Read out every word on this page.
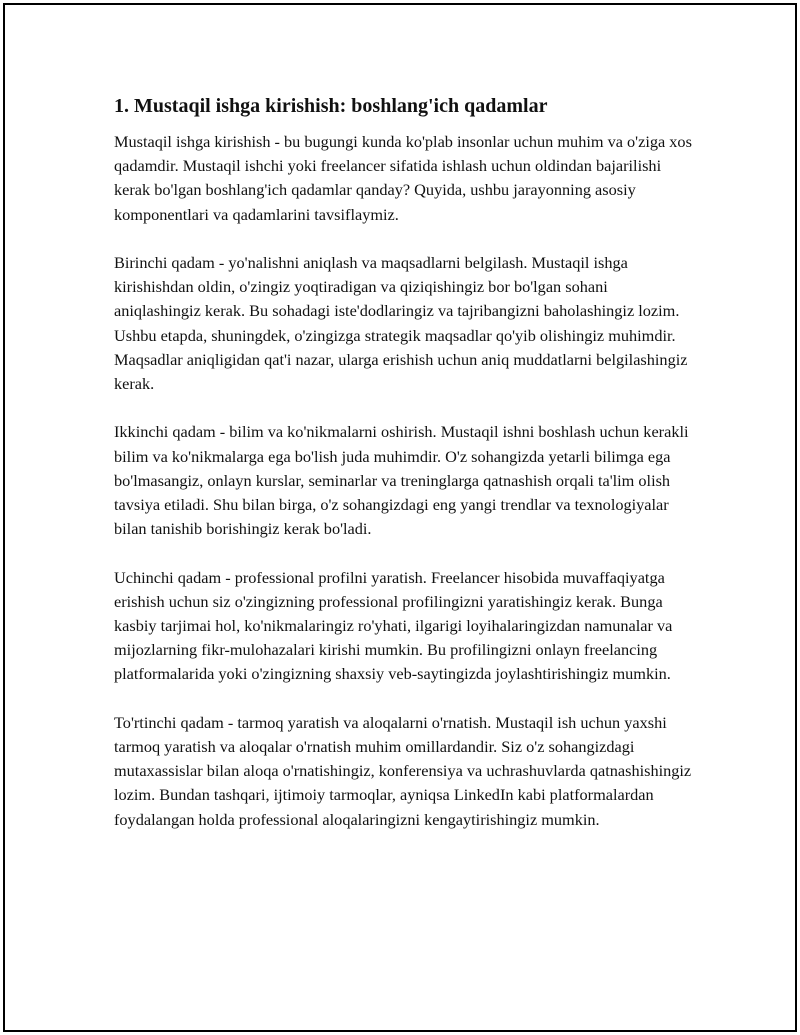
1. Mustaqil ishga kirishish: boshlang'ich qadamlar

Mustaqil ishga kirishish - bu bugungi kunda ko'plab insonlar uchun muhim va o'ziga xos qadamdir. Mustaqil ishchi yoki freelancer sifatida ishlash uchun oldindan bajarilishi kerak bo'lgan boshlang'ich qadamlar qanday? Quyida, ushbu jarayonning asosiy komponentlari va qadamlarini tavsiflaymiz.

Birinchi qadam - yo'nalishni aniqlash va maqsadlarni belgilash. Mustaqil ishga kirishishdan oldin, o'zingiz yoqtiradigan va qiziqishingiz bor bo'lgan sohani aniqlashingiz kerak. Bu sohadagi iste'dodlaringiz va tajribangizni baholashingiz lozim. Ushbu etapda, shuningdek, o'zingizga strategik maqsadlar qo'yib olishingiz muhimdir. Maqsadlar aniqligidan qat'i nazar, ularga erishish uchun aniq muddatlarni belgilashingiz kerak.

Ikkinchi qadam - bilim va ko'nikmalarni oshirish. Mustaqil ishni boshlash uchun kerakli bilim va ko'nikmalarga ega bo'lish juda muhimdir. O'z sohangizda yetarli bilimga ega bo'lmasangiz, onlayn kurslar, seminarlar va treninglarga qatnashish orqali ta'lim olish tavsiya etiladi. Shu bilan birga, o'z sohangizdagi eng yangi trendlar va texnologiyalar bilan tanishib borishingiz kerak bo'ladi.

Uchinchi qadam - professional profilni yaratish. Freelancer hisobida muvaffaqiyatga erishish uchun siz o'zingizning professional profilingizni yaratishingiz kerak. Bunga kasbiy tarjimai hol, ko'nikmalaringiz ro'yhati, ilgarigi loyihalaringizdan namunalar va mijozlarning fikr-mulohazalari kirishi mumkin. Bu profilingizni onlayn freelancing platformalarida yoki o'zingizning shaxsiy veb-saytingizda joylashtirishingiz mumkin.

To'rtinchi qadam - tarmoq yaratish va aloqalarni o'rnatish. Mustaqil ish uchun yaxshi tarmoq yaratish va aloqalar o'rnatish muhim omillardandir. Siz o'z sohangizdagi mutaxassislar bilan aloqa o'rnatishingiz, konferensiya va uchrashuvlarda qatnashishingiz lozim. Bundan tashqari, ijtimoiy tarmoqlar, ayniqsa LinkedIn kabi platformalardan foydalangan holda professional aloqalaringizni kengaytirishingiz mumkin.
